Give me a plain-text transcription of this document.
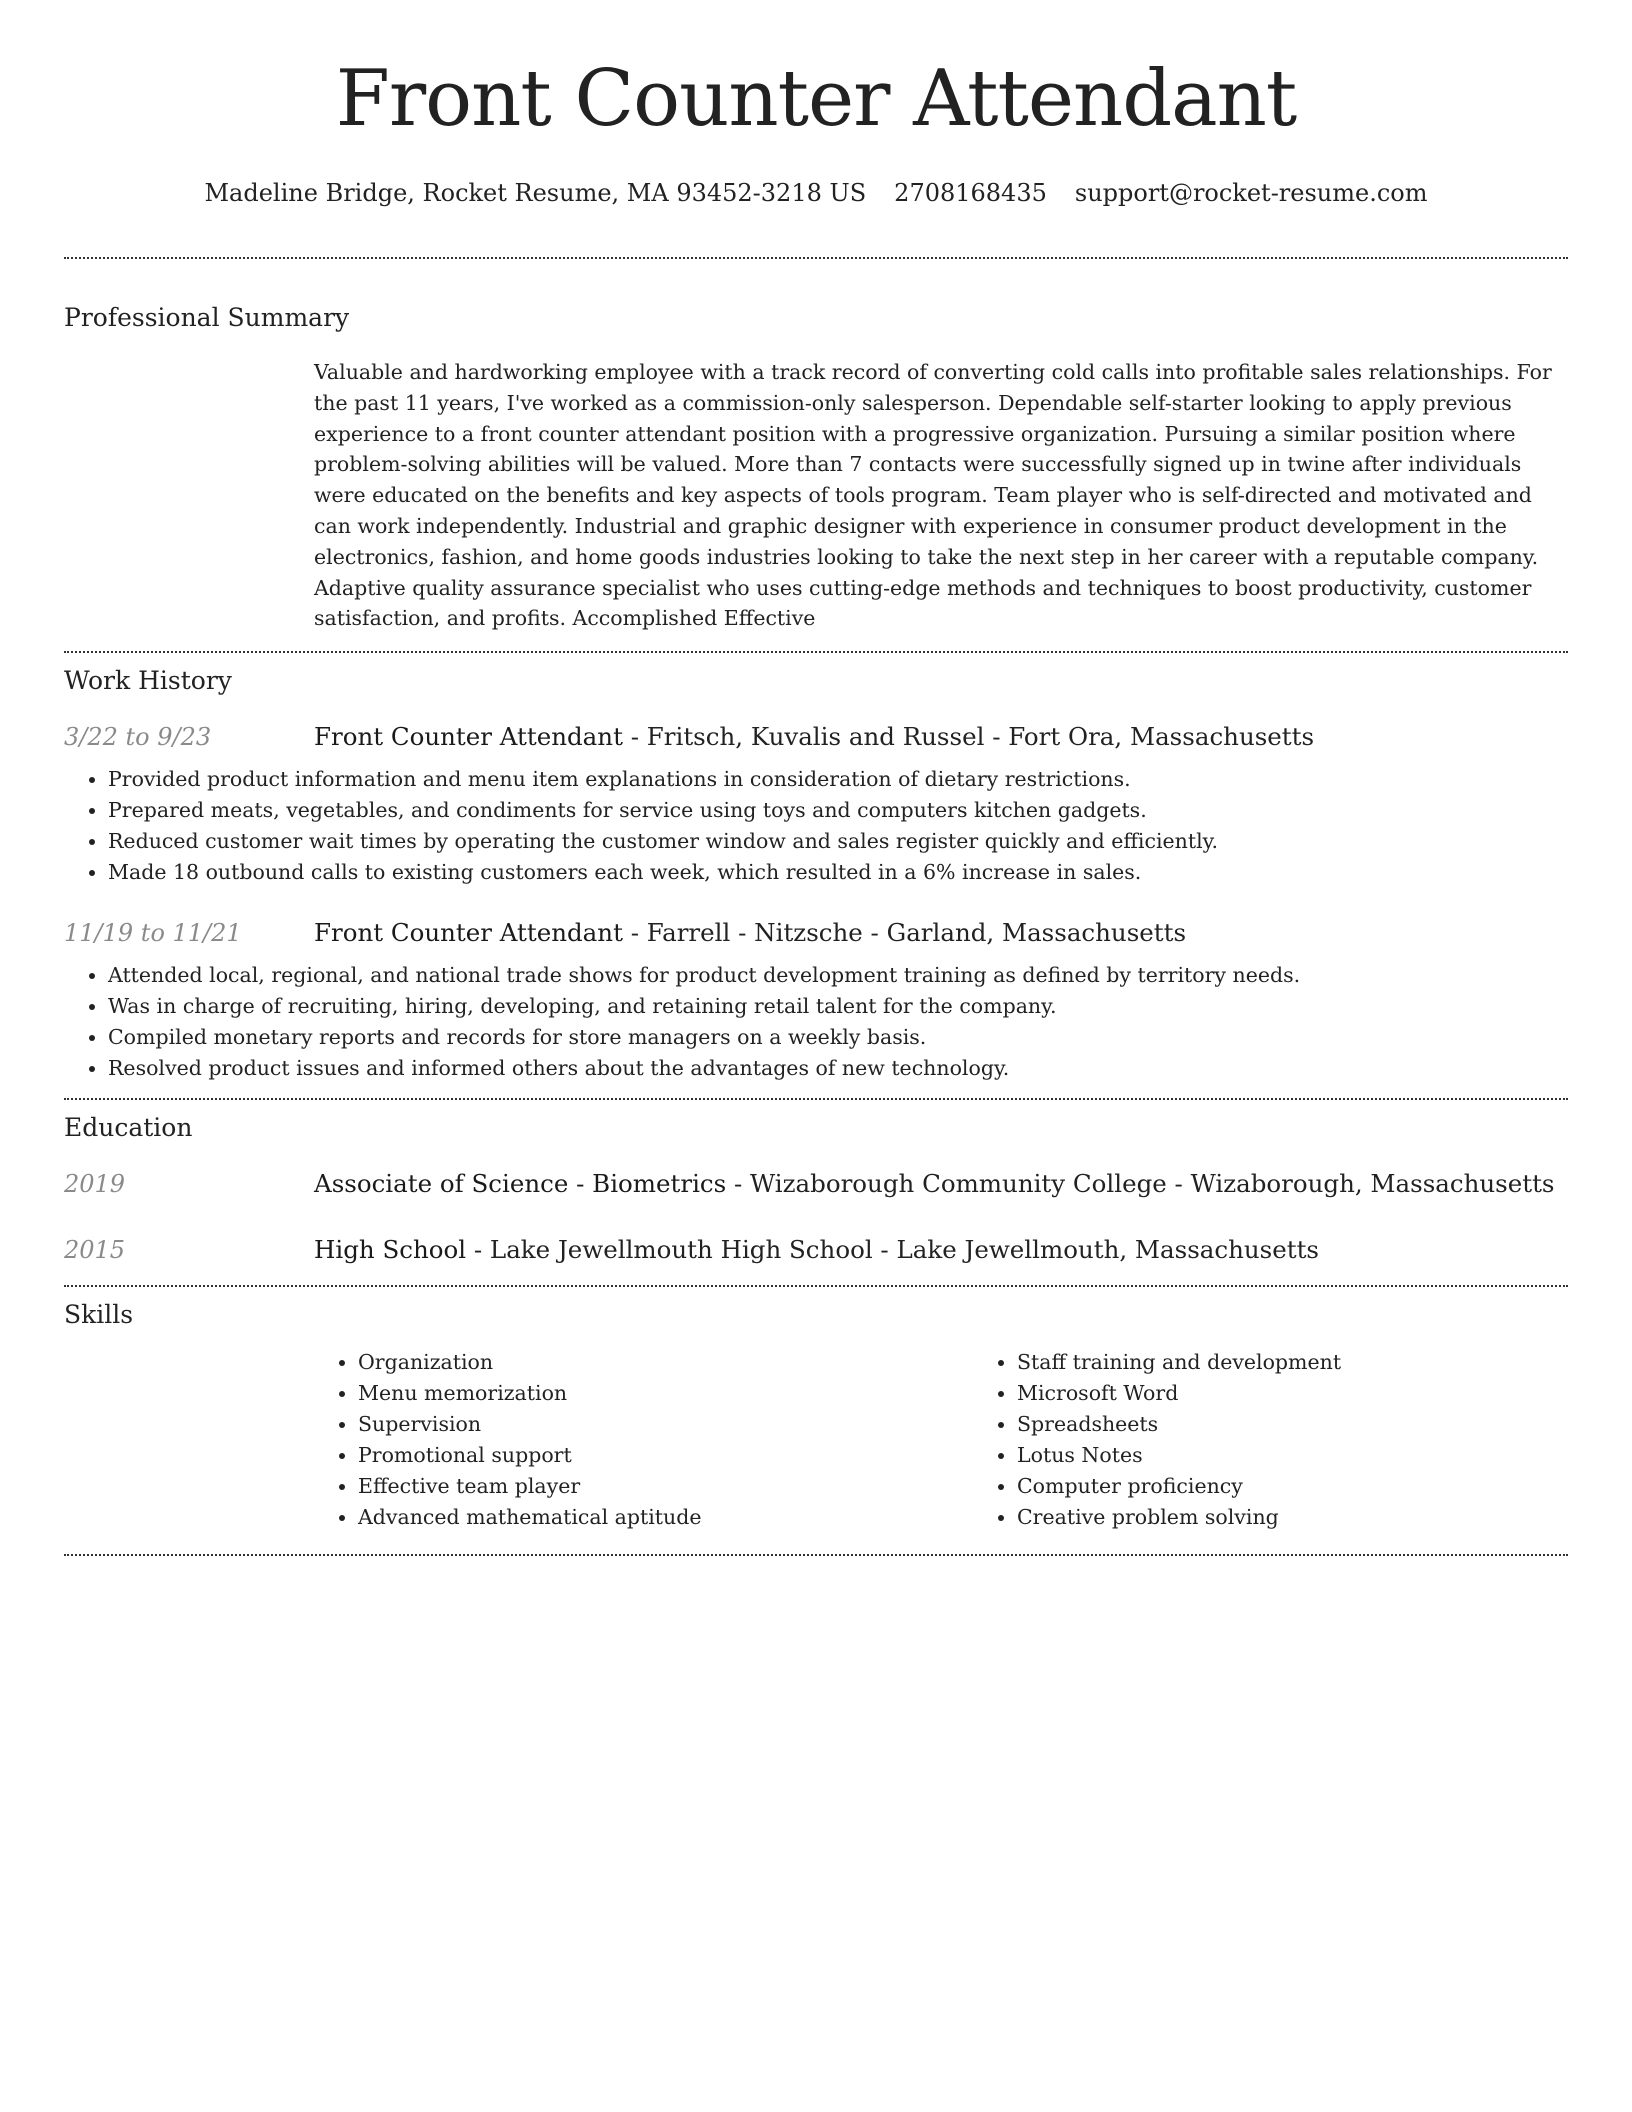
Front Counter Attendant
Madeline Bridge, Rocket Resume, MA 93452-3218 US 2708168435 support@rocket-resume.com
Professional Summary

Valuable and hardworking employee with a track record of converting cold calls into profitable sales relationships. For the past 11 years, I've worked as a commission-only salesperson. Dependable self-starter looking to apply previous experience to a front counter attendant position with a progressive organization. Pursuing a similar position where problem-solving abilities will be valued. More than 7 contacts were successfully signed up in twine after individuals were educated on the benefits and key aspects of tools program. Team player who is self-directed and motivated and can work independently. Industrial and graphic designer with experience in consumer product development in the electronics, fashion, and home goods industries looking to take the next step in her career with a reputable company. Adaptive quality assurance specialist who uses cutting-edge methods and techniques to boost productivity, customer satisfaction, and profits. Accomplished Effective

Work History
3/22 to 9/23	Front Counter Attendant - Fritsch, Kuvalis and Russel - Fort Ora, Massachusetts
• Provided product information and menu item explanations in consideration of dietary restrictions.
• Prepared meats, vegetables, and condiments for service using toys and computers kitchen gadgets.
• Reduced customer wait times by operating the customer window and sales register quickly and efficiently.
• Made 18 outbound calls to existing customers each week, which resulted in a 6% increase in sales.
11/19 to 11/21	Front Counter Attendant - Farrell - Nitzsche - Garland, Massachusetts
• Attended local, regional, and national trade shows for product development training as defined by territory needs.
• Was in charge of recruiting, hiring, developing, and retaining retail talent for the company.
• Compiled monetary reports and records for store managers on a weekly basis.
• Resolved product issues and informed others about the advantages of new technology.
Education
2019	Associate of Science - Biometrics - Wizaborough Community College - Wizaborough, Massachusetts
2015	High School - Lake Jewellmouth High School - Lake Jewellmouth, Massachusetts
Skills
• Organization
• Menu memorization
• Supervision
• Promotional support
• Effective team player
• Advanced mathematical aptitude
• Staff training and development
• Microsoft Word
• Spreadsheets
• Lotus Notes
• Computer proficiency
• Creative problem solving
